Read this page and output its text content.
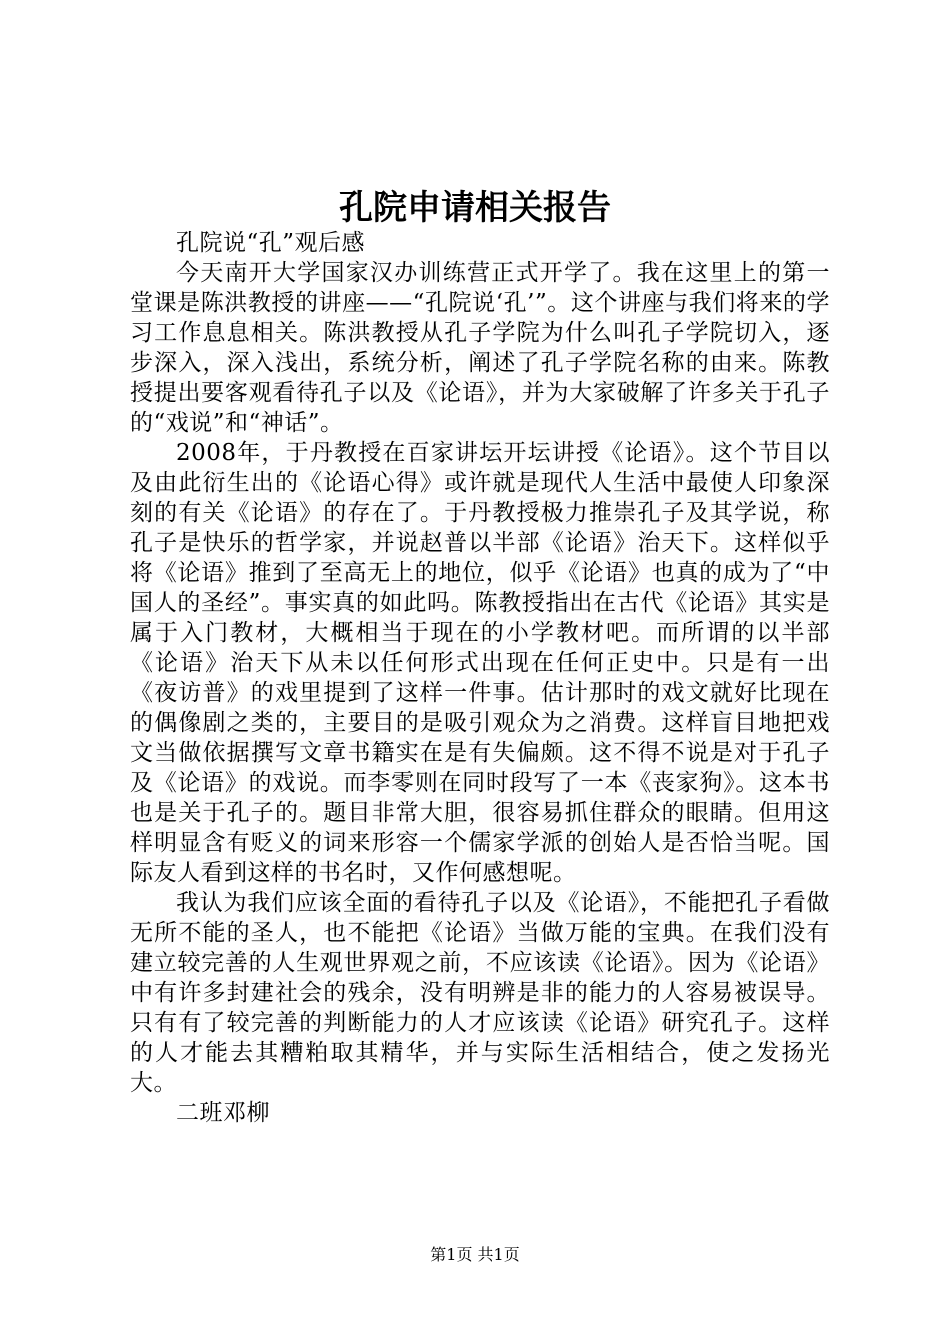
孔院申请相关报告

孔院说“孔”观后感

今天南开大学国家汉办训练营正式开学了。我在这里上的第一堂课是陈洪教授的讲座——“孔院说‘孔’”。这个讲座与我们将来的学习工作息息相关。陈洪教授从孔子学院为什么叫孔子学院切入，逐步深入，深入浅出，系统分析，阐述了孔子学院名称的由来。陈教授提出要客观看待孔子以及《论语》，并为大家破解了许多关于孔子的“戏说”和“神话”。

2008年，于丹教授在百家讲坛开坛讲授《论语》。这个节目以及由此衍生出的《论语心得》或许就是现代人生活中最使人印象深刻的有关《论语》的存在了。于丹教授极力推崇孔子及其学说，称孔子是快乐的哲学家，并说赵普以半部《论语》治天下。这样似乎将《论语》推到了至高无上的地位，似乎《论语》也真的成为了“中国人的圣经”。事实真的如此吗。陈教授指出在古代《论语》其实是属于入门教材，大概相当于现在的小学教材吧。而所谓的以半部《论语》治天下从未以任何形式出现在任何正史中。只是有一出《夜访普》的戏里提到了这样一件事。估计那时的戏文就好比现在的偶像剧之类的，主要目的是吸引观众为之消费。这样盲目地把戏文当做依据撰写文章书籍实在是有失偏颇。这不得不说是对于孔子及《论语》的戏说。而李零则在同时段写了一本《丧家狗》。这本书也是关于孔子的。题目非常大胆，很容易抓住群众的眼睛。但用这样明显含有贬义的词来形容一个儒家学派的创始人是否恰当呢。国际友人看到这样的书名时，又作何感想呢。

我认为我们应该全面的看待孔子以及《论语》，不能把孔子看做无所不能的圣人，也不能把《论语》当做万能的宝典。在我们没有建立较完善的人生观世界观之前，不应该读《论语》。因为《论语》中有许多封建社会的残余，没有明辨是非的能力的人容易被误导。只有有了较完善的判断能力的人才应该读《论语》研究孔子。这样的人才能去其糟粕取其精华，并与实际生活相结合，使之发扬光大。

二班邓柳

第1页 共1页
